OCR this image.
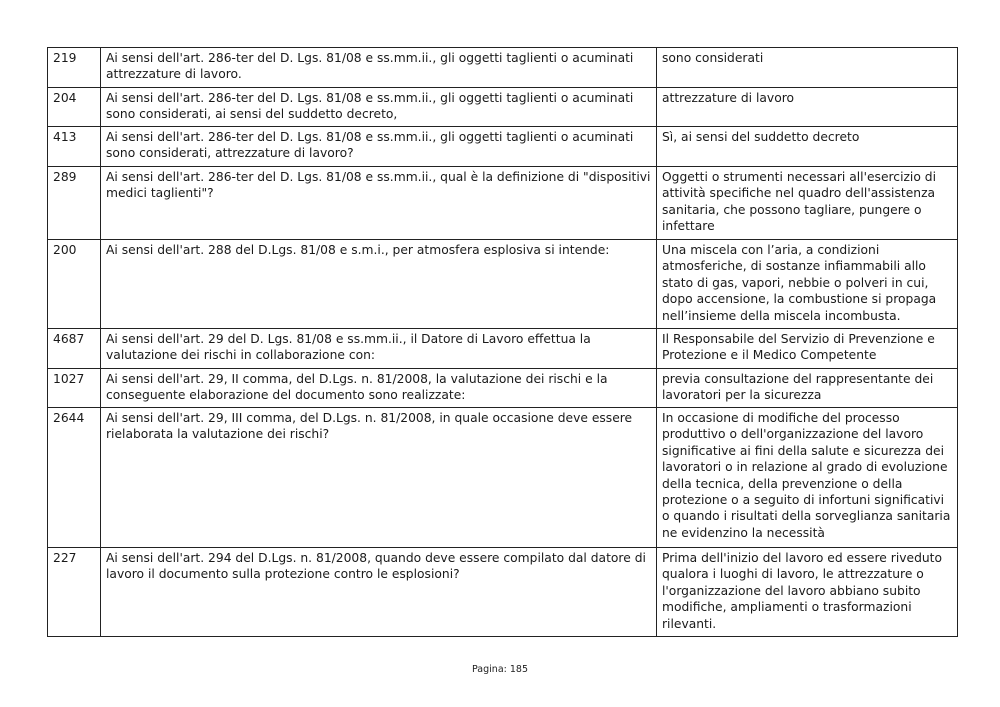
219	Ai sensi dell'art. 286-ter del D. Lgs. 81/08 e ss.mm.ii., gli oggetti taglienti o acuminati attrezzature di lavoro.	sono considerati
204	Ai sensi dell'art. 286-ter del D. Lgs. 81/08 e ss.mm.ii., gli oggetti taglienti o acuminati sono considerati, ai sensi del suddetto decreto,	attrezzature di lavoro
413	Ai sensi dell'art. 286-ter del D. Lgs. 81/08 e ss.mm.ii., gli oggetti taglienti o acuminati sono considerati, attrezzature di lavoro?	Sì, ai sensi del suddetto decreto
289	Ai sensi dell'art. 286-ter del D. Lgs. 81/08 e ss.mm.ii., qual è la definizione di "dispositivi medici taglienti"?	Oggetti o strumenti necessari all'esercizio di attività specifiche nel quadro dell'assistenza sanitaria, che possono tagliare, pungere o infettare
200	Ai sensi dell'art. 288 del D.Lgs. 81/08 e s.m.i., per atmosfera esplosiva si intende:	Una miscela con l’aria, a condizioni atmosferiche, di sostanze infiammabili allo stato di gas, vapori, nebbie o polveri in cui, dopo accensione, la combustione si propaga nell’insieme della miscela incombusta.
4687	Ai sensi dell'art. 29 del D. Lgs. 81/08 e ss.mm.ii., il Datore di Lavoro effettua la valutazione dei rischi in collaborazione con:	Il Responsabile del Servizio di Prevenzione e Protezione e il Medico Competente
1027	Ai sensi dell'art. 29, II comma, del D.Lgs. n. 81/2008, la valutazione dei rischi e la conseguente elaborazione del documento sono realizzate:	previa consultazione del rappresentante dei lavoratori per la sicurezza
2644	Ai sensi dell'art. 29, III comma, del D.Lgs. n. 81/2008, in quale occasione deve essere rielaborata la valutazione dei rischi?	In occasione di modifiche del processo produttivo o dell'organizzazione del lavoro significative ai fini della salute e sicurezza dei lavoratori o in relazione al grado di evoluzione della tecnica, della prevenzione o della protezione o a seguito di infortuni significativi o quando i risultati della sorveglianza sanitaria ne evidenzino la necessità
227	Ai sensi dell'art. 294 del D.Lgs. n. 81/2008, quando deve essere compilato dal datore di lavoro il documento sulla protezione contro le esplosioni?	Prima dell'inizio del lavoro ed essere riveduto qualora i luoghi di lavoro, le attrezzature o l'organizzazione del lavoro abbiano subito modifiche, ampliamenti o trasformazioni rilevanti.
Pagina: 185
